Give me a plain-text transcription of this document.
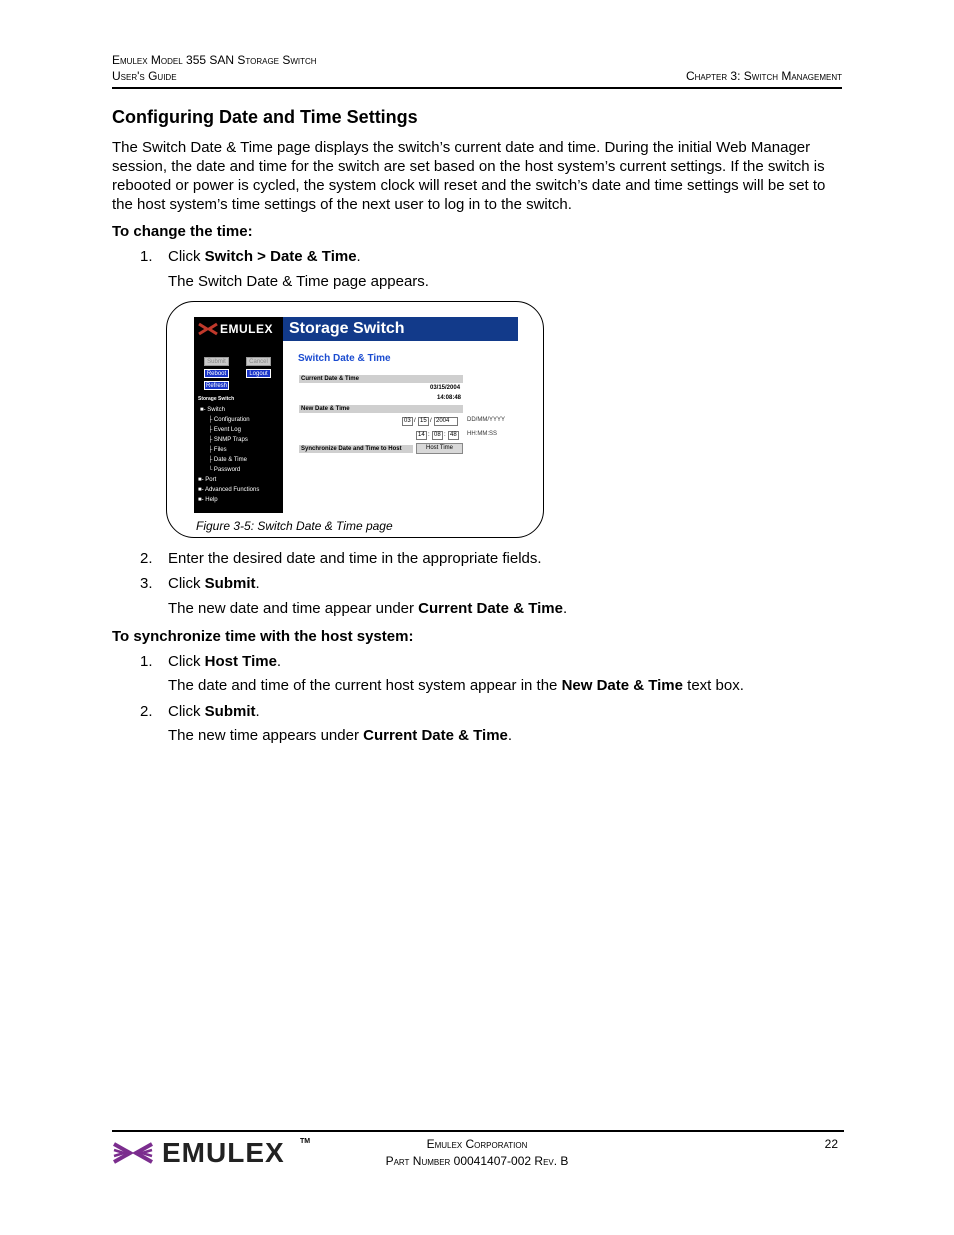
Emulex Model 355 SAN Storage Switch
User's Guide	Chapter 3: Switch Management
Configuring Date and Time Settings

The Switch Date & Time page displays the switch’s current date and time. During the initial Web Manager session, the date and time for the switch are set based on the host system’s current settings. If the switch is rebooted or power is cycled, the system clock will reset and the switch’s date and time settings will be set to the host system’s time settings of the next user to log in to the switch.

To change the time:
1. Click Switch > Date & Time.
The Switch Date & Time page appears.
EMULEX Storage Switch
Submit	Cancel
Reboot	Logout
Refresh
Storage Switch
■- Switch
├ Configuration
├ Event Log
├ SNMP Traps
├ Files
├ Date & Time
└ Password
■- Port
■- Advanced Functions
■- Help
Switch Date & Time
Current Date & Time
03/15/2004
14:08:48
New Date & Time
03 / 15 / 2004	DD/MM/YYYY
14 : 08 : 48	HH:MM:SS
Synchronize Date and Time to Host	Host Time
Figure 3-5: Switch Date & Time page
2. Enter the desired date and time in the appropriate fields.
3. Click Submit.
The new date and time appear under Current Date & Time.
To synchronize time with the host system:
1. Click Host Time.
The date and time of the current host system appear in the New Date & Time text box.
2. Click Submit.
The new time appears under Current Date & Time.
EMULEX TM	Emulex Corporation
Part Number 00041407-002 Rev. B
22
